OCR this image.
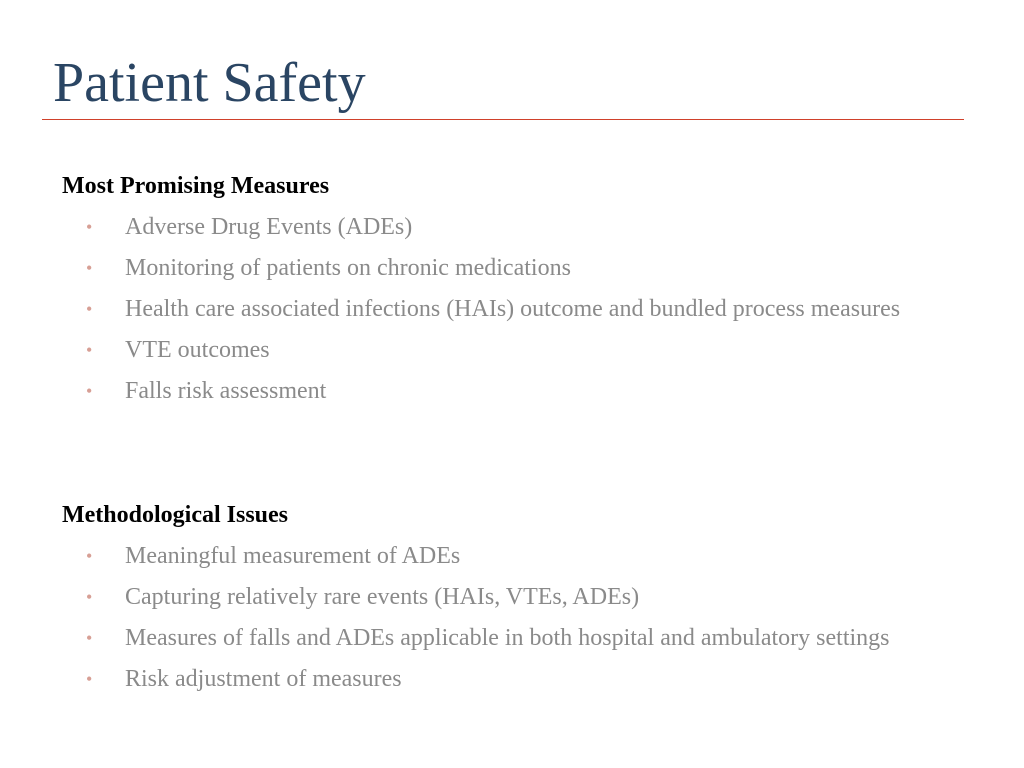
Patient Safety
Most Promising Measures
• Adverse Drug Events (ADEs)
• Monitoring of patients on chronic medications
• Health care associated infections (HAIs) outcome and bundled process measures
• VTE outcomes
• Falls risk assessment
Methodological Issues
• Meaningful measurement of ADEs
• Capturing relatively rare events (HAIs, VTEs, ADEs)
• Measures of falls and ADEs applicable in both hospital and ambulatory settings
• Risk adjustment of measures
